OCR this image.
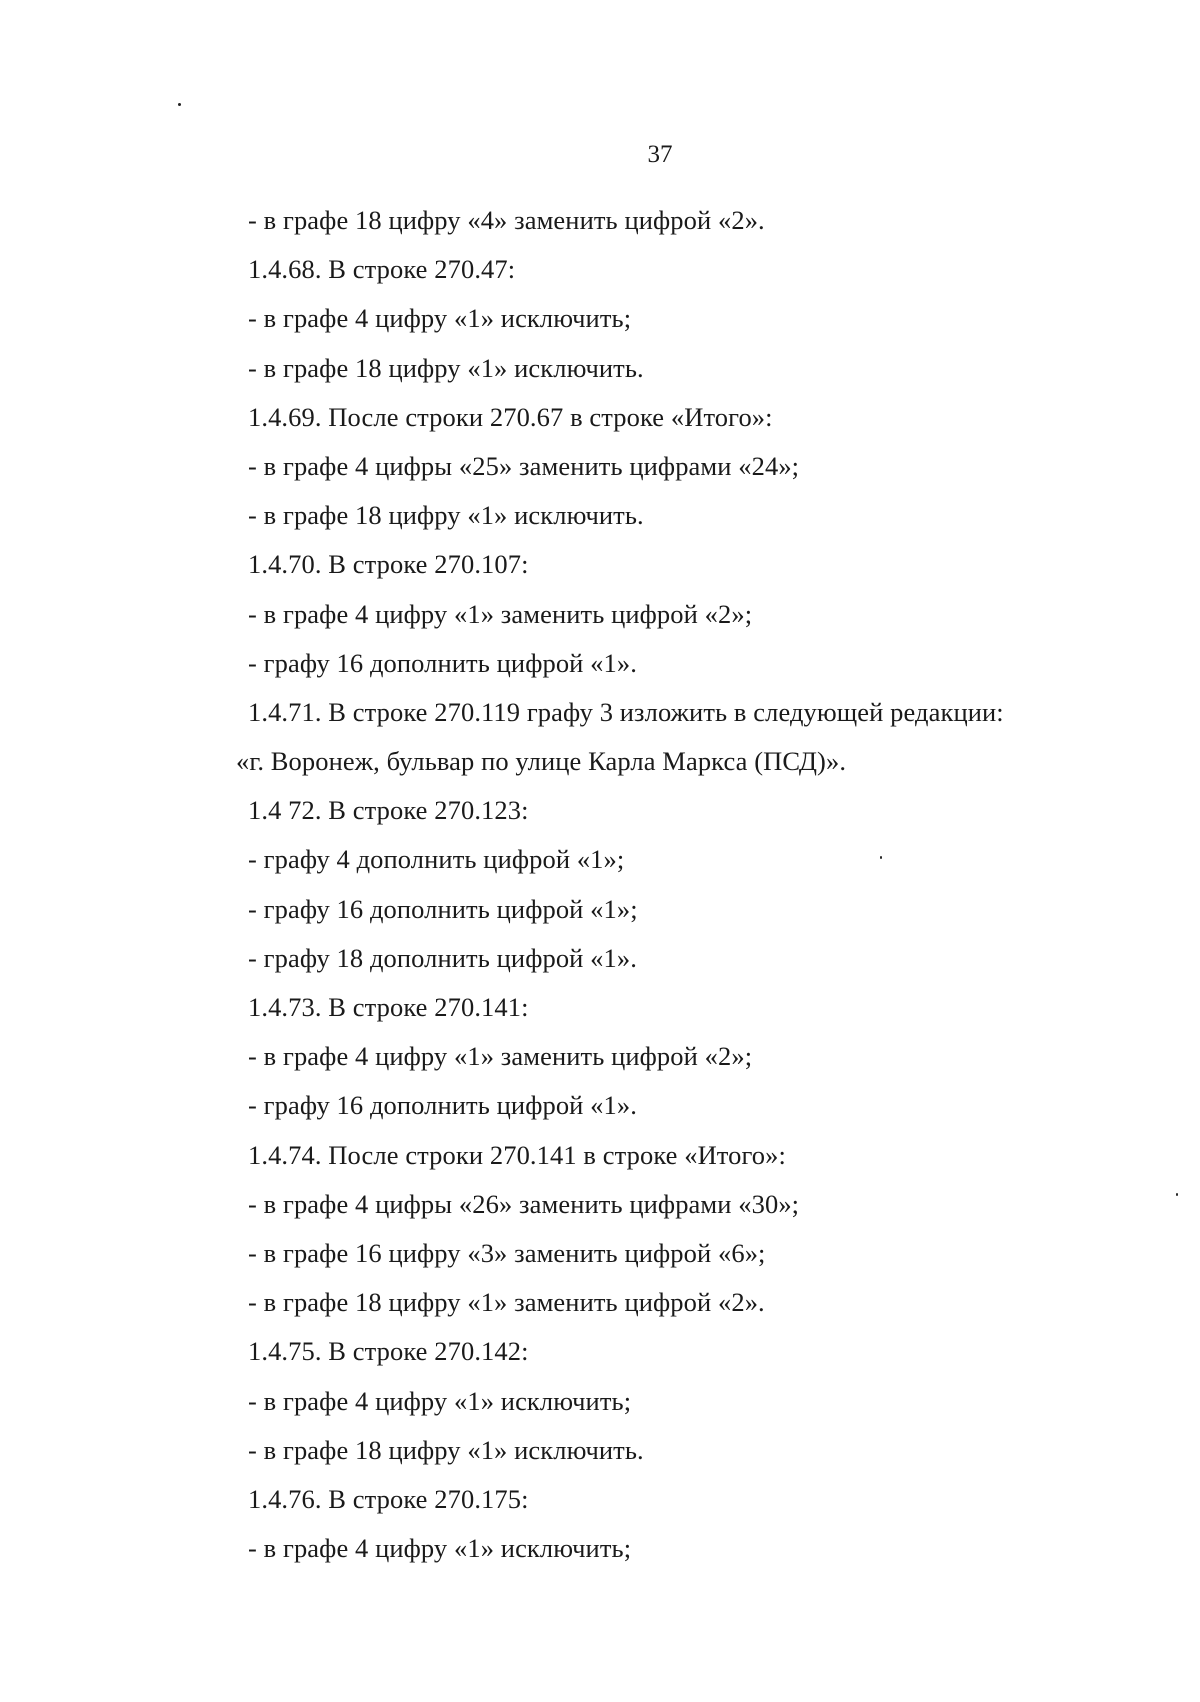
37
- в графе 18 цифру «4» заменить цифрой «2».
1.4.68. В строке 270.47:
- в графе 4 цифру «1» исключить;
- в графе 18 цифру «1» исключить.
1.4.69. После строки 270.67 в строке «Итого»:
- в графе 4 цифры «25» заменить цифрами «24»;
- в графе 18 цифру «1» исключить.
1.4.70. В строке 270.107:
- в графе 4 цифру «1» заменить цифрой «2»;
- графу 16 дополнить цифрой «1».
1.4.71. В строке 270.119 графу 3 изложить в следующей редакции:
«г. Воронеж, бульвар по улице Карла Маркса (ПСД)».
1.4 72. В строке 270.123:
- графу 4 дополнить цифрой «1»;
- графу 16 дополнить цифрой «1»;
- графу 18 дополнить цифрой «1».
1.4.73. В строке 270.141:
- в графе 4 цифру «1» заменить цифрой «2»;
- графу 16 дополнить цифрой «1».
1.4.74. После строки 270.141 в строке «Итого»:
- в графе 4 цифры «26» заменить цифрами «30»;
- в графе 16 цифру «3» заменить цифрой «6»;
- в графе 18 цифру «1» заменить цифрой «2».
1.4.75. В строке 270.142:
- в графе 4 цифру «1» исключить;
- в графе 18 цифру «1» исключить.
1.4.76. В строке 270.175:
- в графе 4 цифру «1» исключить;
